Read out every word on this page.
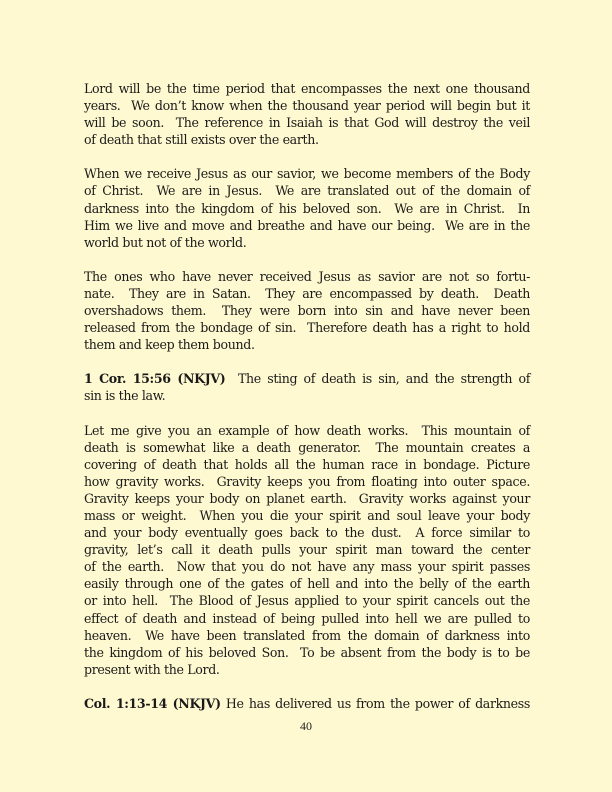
Lord will be the time period that encompasses the next one thousand
years.  We don’t know when the thousand year period will begin but it
will be soon.  The reference in Isaiah is that God will destroy the veil
of death that still exists over the earth.
When we receive Jesus as our savior, we become members of the Body
of Christ.  We are in Jesus.  We are translated out of the domain of
darkness into the kingdom of his beloved son.  We are in Christ.  In
Him we live and move and breathe and have our being.  We are in the
world but not of the world.
The ones who have never received Jesus as savior are not so fortu-
nate.  They are in Satan.  They are encompassed by death.  Death
overshadows them.  They were born into sin and have never been
released from the bondage of sin.  Therefore death has a right to hold
them and keep them bound.
1 Cor. 15:56 (NKJV)  The sting of death is sin, and the strength of
sin is the law.
Let me give you an example of how death works.  This mountain of
death is somewhat like a death generator.  The mountain creates a
covering of death that holds all the human race in bondage. Picture
how gravity works.  Gravity keeps you from floating into outer space.
Gravity keeps your body on planet earth.  Gravity works against your
mass or weight.  When you die your spirit and soul leave your body
and your body eventually goes back to the dust.  A force similar to
gravity, let’s call it death pulls your spirit man toward the center
of the earth.  Now that you do not have any mass your spirit passes
easily through one of the gates of hell and into the belly of the earth
or into hell.  The Blood of Jesus applied to your spirit cancels out the
effect of death and instead of being pulled into hell we are pulled to
heaven.  We have been translated from the domain of darkness into
the kingdom of his beloved Son.  To be absent from the body is to be
present with the Lord.
Col. 1:13-14 (NKJV) He has delivered us from the power of darkness
40
